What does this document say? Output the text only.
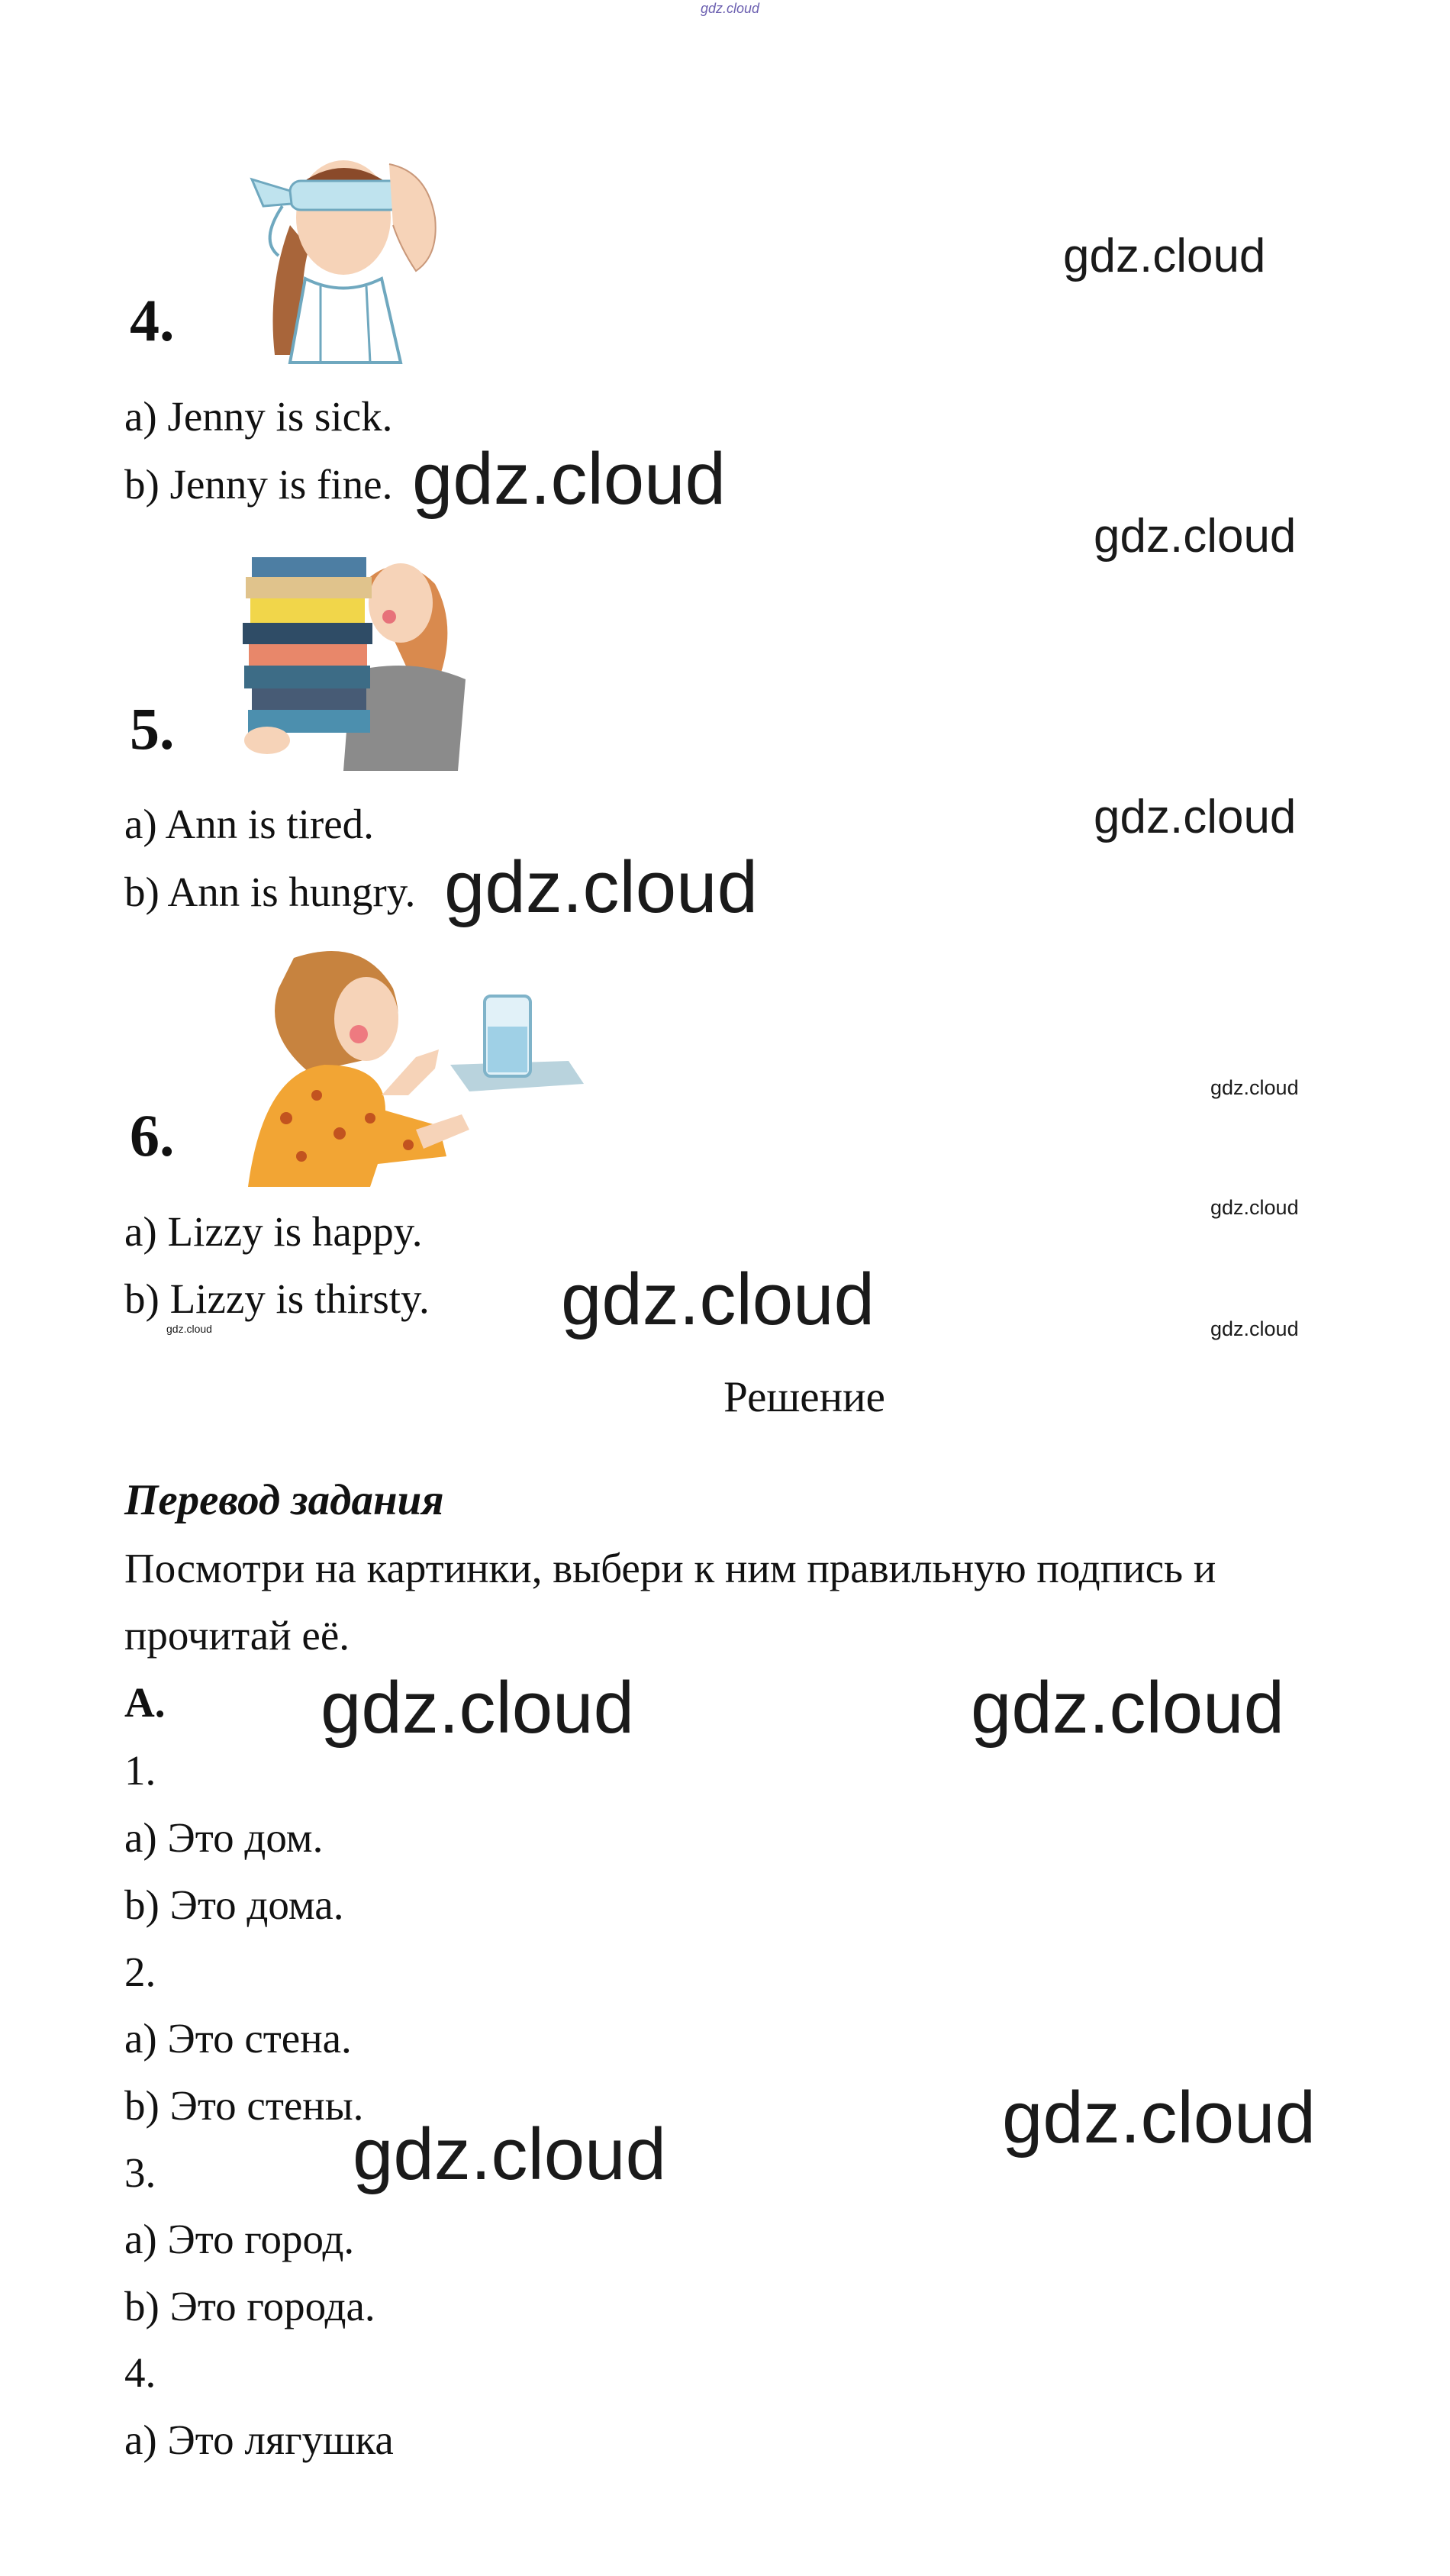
gdz.cloud
4.
a) Jenny is sick.
b) Jenny is fine.
5.
a) Ann is tired.
b) Ann is hungry.
6.
a) Lizzy is happy.
b) Lizzy is thirsty.
Решение
Перевод задания
Посмотри на картинки, выбери к ним правильную подпись и
прочитай её.
A.
1.
a) Это дом.
b) Это дома.
2.
a) Это стена.
b) Это стены.
3.
a) Это город.
b) Это города.
4.
a) Это лягушка
gdz.cloud
gdz.cloud
gdz.cloud
gdz.cloud
gdz.cloud
gdz.cloud
gdz.cloud
gdz.cloud	gdz.cloud
gdz.cloud
gdz.cloud	gdz.cloud
gdz.cloud
gdz.cloud
